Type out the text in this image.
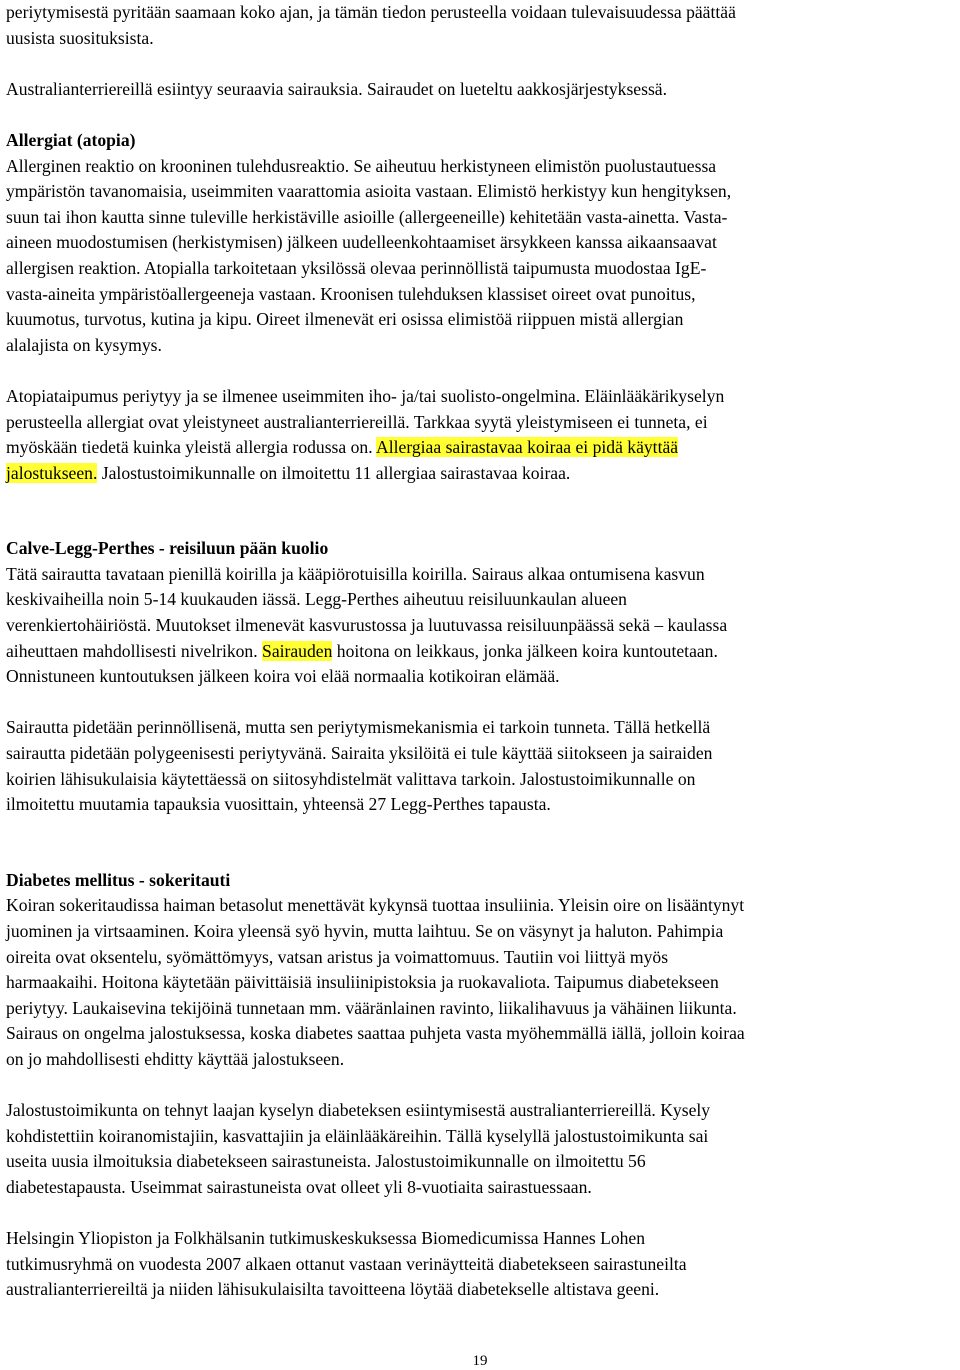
periytymisestä pyritään saamaan koko ajan, ja tämän tiedon perusteella voidaan tulevaisuudessa päättää
uusista suosituksista.
Australianterriereillä esiintyy seuraavia sairauksia. Sairaudet on lueteltu aakkosjärjestyksessä.
Allergiat (atopia)
Allerginen reaktio on krooninen tulehdusreaktio. Se aiheutuu herkistyneen elimistön puolustautuessa
ympäristön tavanomaisia, useimmiten vaarattomia asioita vastaan. Elimistö herkistyy kun hengityksen,
suun tai ihon kautta sinne tuleville herkistäville asioille (allergeeneille) kehitetään vasta-ainetta. Vasta-
aineen muodostumisen (herkistymisen) jälkeen uudelleenkohtaamiset ärsykkeen kanssa aikaansaavat
allergisen reaktion. Atopialla tarkoitetaan yksilössä olevaa perinnöllistä taipumusta muodostaa IgE-
vasta-aineita ympäristöallergeeneja vastaan. Kroonisen tulehduksen klassiset oireet ovat punoitus,
kuumotus, turvotus, kutina ja kipu. Oireet ilmenevät eri osissa elimistöä riippuen mistä allergian
alalajista on kysymys.
Atopiataipumus periytyy ja se ilmenee useimmiten iho- ja/tai suolisto-ongelmina. Eläinlääkärikyselyn
perusteella allergiat ovat yleistyneet australianterriereillä. Tarkkaa syytä yleistymiseen ei tunneta, ei
myöskään tiedetä kuinka yleistä allergia rodussa on. Allergiaa sairastavaa koiraa ei pidä käyttää
jalostukseen. Jalostustoimikunnalle on ilmoitettu 11 allergiaa sairastavaa koiraa.
Calve-Legg-Perthes - reisiluun pään kuolio
Tätä sairautta tavataan pienillä koirilla ja kääpiörotuisilla koirilla. Sairaus alkaa ontumisena kasvun
keskivaiheilla noin 5-14 kuukauden iässä. Legg-Perthes aiheutuu reisiluunkaulan alueen
verenkiertohäiriöstä. Muutokset ilmenevät kasvurustossa ja luutuvassa reisiluunpäässä sekä – kaulassa
aiheuttaen mahdollisesti nivelrikon. Sairauden hoitona on leikkaus, jonka jälkeen koira kuntoutetaan.
Onnistuneen kuntoutuksen jälkeen koira voi elää normaalia kotikoiran elämää.
Sairautta pidetään perinnöllisenä, mutta sen periytymismekanismia ei tarkoin tunneta. Tällä hetkellä
sairautta pidetään polygeenisesti periytyvänä. Sairaita yksilöitä ei tule käyttää siitokseen ja sairaiden
koirien lähisukulaisia käytettäessä on siitosyhdistelmät valittava tarkoin. Jalostustoimikunnalle on
ilmoitettu muutamia tapauksia vuosittain, yhteensä 27 Legg-Perthes tapausta.
Diabetes mellitus - sokeritauti
Koiran sokeritaudissa haiman betasolut menettävät kykynsä tuottaa insuliinia. Yleisin oire on lisääntynyt
juominen ja virtsaaminen. Koira yleensä syö hyvin, mutta laihtuu. Se on väsynyt ja haluton. Pahimpia
oireita ovat oksentelu, syömättömyys, vatsan aristus ja voimattomuus. Tautiin voi liittyä myös
harmaakaihi. Hoitona käytetään päivittäisiä insuliinipistoksia ja ruokavaliota. Taipumus diabetekseen
periytyy. Laukaisevina tekijöinä tunnetaan mm. vääränlainen ravinto, liikalihavuus ja vähäinen liikunta.
Sairaus on ongelma jalostuksessa, koska diabetes saattaa puhjeta vasta myöhemmällä iällä, jolloin koiraa
on jo mahdollisesti ehditty käyttää jalostukseen.
Jalostustoimikunta on tehnyt laajan kyselyn diabeteksen esiintymisestä australianterriereillä. Kysely
kohdistettiin koiranomistajiin, kasvattajiin ja eläinlääkäreihin. Tällä kyselyllä jalostustoimikunta sai
useita uusia ilmoituksia diabetekseen sairastuneista. Jalostustoimikunnalle on ilmoitettu 56
diabetestapausta. Useimmat sairastuneista ovat olleet yli 8-vuotiaita sairastuessaan.
Helsingin Yliopiston ja Folkhälsanin tutkimuskeskuksessa Biomedicumissa Hannes Lohen
tutkimusryhmä on vuodesta 2007 alkaen ottanut vastaan verinäytteitä diabetekseen sairastuneilta
australianterriereiltä ja niiden lähisukulaisilta tavoitteena löytää diabetekselle altistava geeni.
19
